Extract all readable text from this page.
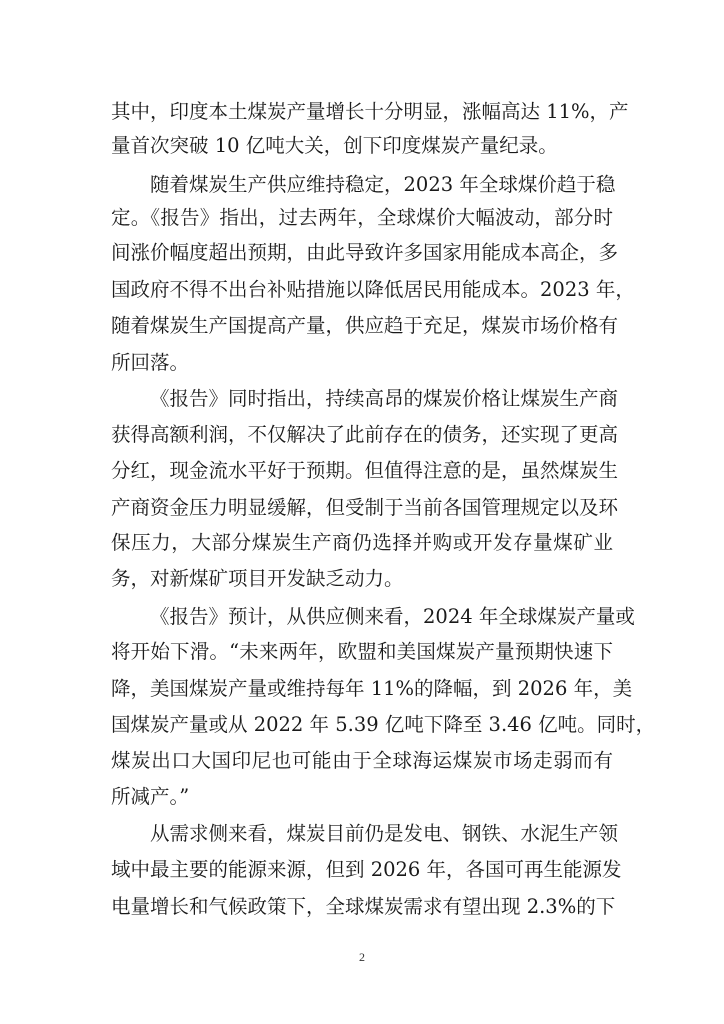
其中，印度本土煤炭产量增长十分明显，涨幅高达 11%，产
量首次突破 10 亿吨大关，创下印度煤炭产量纪录。
随着煤炭生产供应维持稳定，2023 年全球煤价趋于稳
定。《报告》指出，过去两年，全球煤价大幅波动，部分时
间涨价幅度超出预期，由此导致许多国家用能成本高企，多
国政府不得不出台补贴措施以降低居民用能成本。2023 年，
随着煤炭生产国提高产量，供应趋于充足，煤炭市场价格有
所回落。
《报告》同时指出，持续高昂的煤炭价格让煤炭生产商
获得高额利润，不仅解决了此前存在的债务，还实现了更高
分红，现金流水平好于预期。但值得注意的是，虽然煤炭生
产商资金压力明显缓解，但受制于当前各国管理规定以及环
保压力，大部分煤炭生产商仍选择并购或开发存量煤矿业
务，对新煤矿项目开发缺乏动力。
《报告》预计，从供应侧来看，2024 年全球煤炭产量或
将开始下滑。“未来两年，欧盟和美国煤炭产量预期快速下
降，美国煤炭产量或维持每年 11%的降幅，到 2026 年，美
国煤炭产量或从 2022 年 5.39 亿吨下降至 3.46 亿吨。同时，
煤炭出口大国印尼也可能由于全球海运煤炭市场走弱而有
所减产。”
从需求侧来看，煤炭目前仍是发电、钢铁、水泥生产领
域中最主要的能源来源，但到 2026 年，各国可再生能源发
电量增长和气候政策下，全球煤炭需求有望出现 2.3%的下
2
